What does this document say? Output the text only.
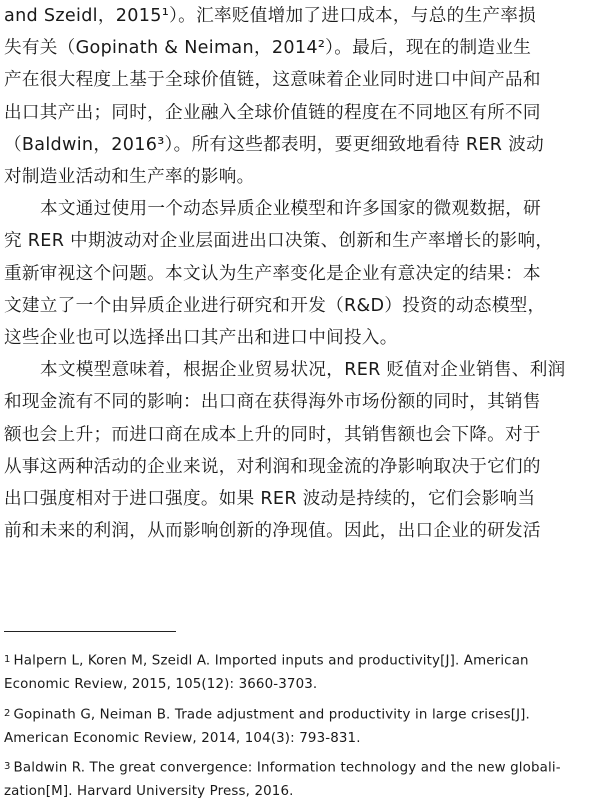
and Szeidl，2015¹）。汇率贬值增加了进口成本，与总的生产率损
失有关（Gopinath & Neiman，2014²）。最后，现在的制造业生
产在很大程度上基于全球价值链，这意味着企业同时进口中间产品和
出口其产出；同时，企业融入全球价值链的程度在不同地区有所不同
（Baldwin，2016³）。所有这些都表明，要更细致地看待 RER 波动
对制造业活动和生产率的影响。

本文通过使用一个动态异质企业模型和许多国家的微观数据，研
究 RER 中期波动对企业层面进出口决策、创新和生产率增长的影响，
重新审视这个问题。本文认为生产率变化是企业有意决定的结果：本
文建立了一个由异质企业进行研究和开发（R&D）投资的动态模型，
这些企业也可以选择出口其产出和进口中间投入。

本文模型意味着，根据企业贸易状况，RER 贬值对企业销售、利润
和现金流有不同的影响：出口商在获得海外市场份额的同时，其销售
额也会上升；而进口商在成本上升的同时，其销售额也会下降。对于
从事这两种活动的企业来说，对利润和现金流的净影响取决于它们的
出口强度相对于进口强度。如果 RER 波动是持续的，它们会影响当
前和未来的利润，从而影响创新的净现值。因此，出口企业的研发活

1 Halpern L, Koren M, Szeidl A. Imported inputs and productivity[J]. American
Economic Review, 2015, 105(12): 3660-3703.

2 Gopinath G, Neiman B. Trade adjustment and productivity in large crises[J].
American Economic Review, 2014, 104(3): 793-831.

3 Baldwin R. The great convergence: Information technology and the new globali-
zation[M]. Harvard University Press, 2016.
